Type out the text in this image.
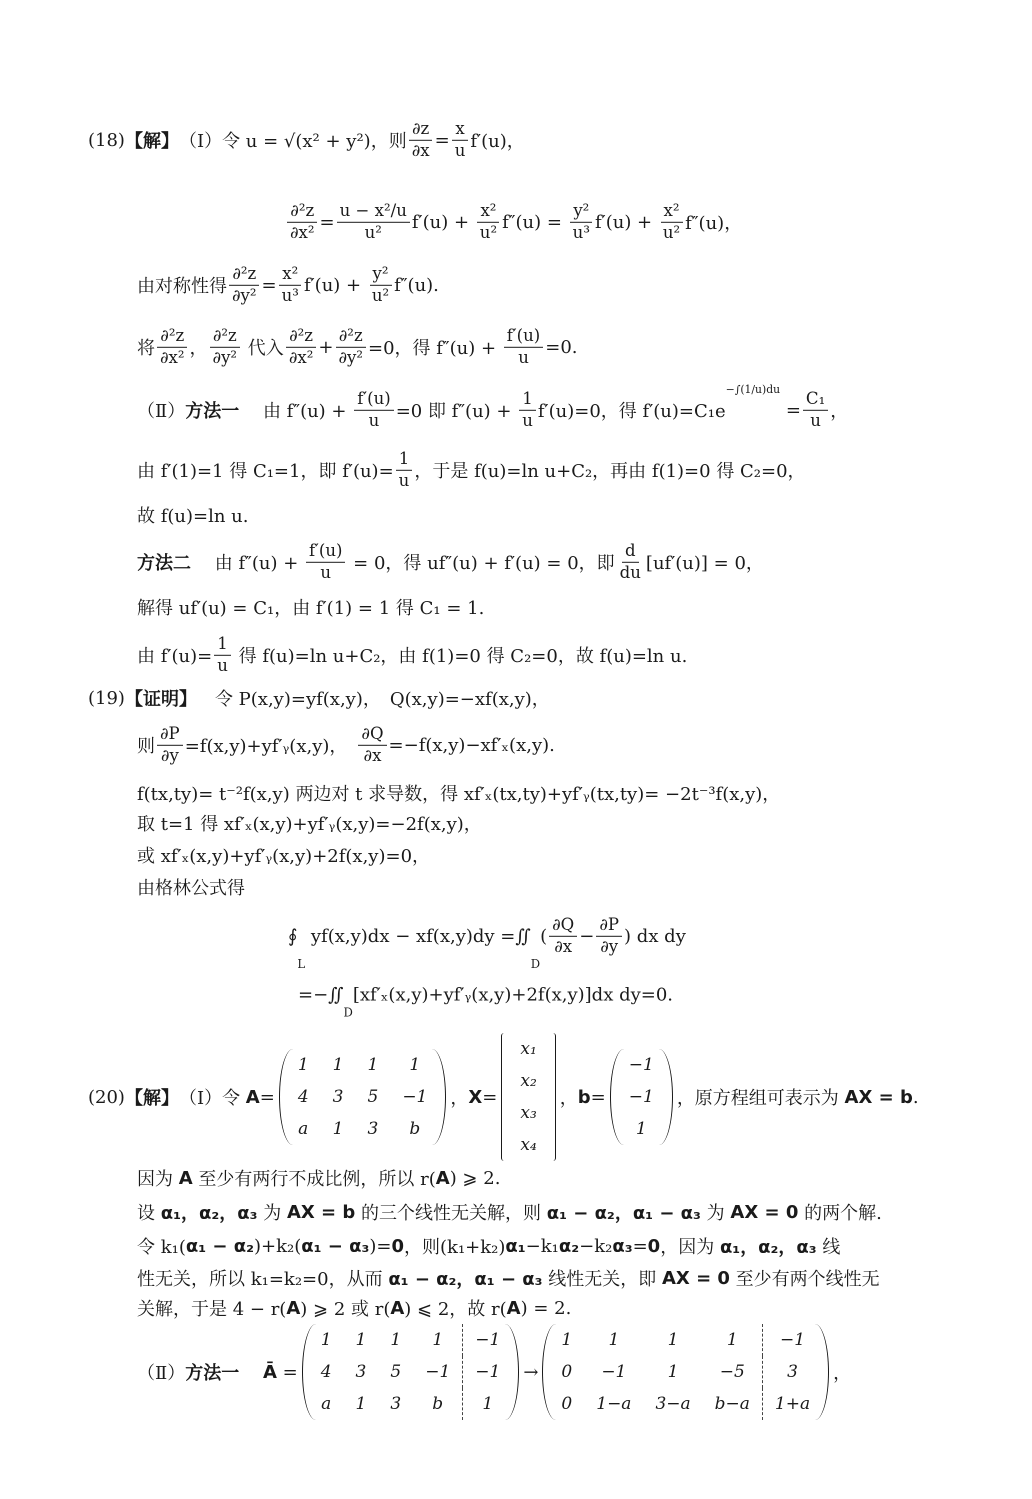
(18) 【解】 （Ⅰ）令 u = √(x² + y²)，则 $\frac{\partial z}{\partial x} = \frac{x}{u} f'(u)$，
$\frac{\text{∂²z}}{\text{∂x²}} = \frac{\text{u − x²/u}}{\text{u²}} f'(u) + \frac{\text{x²}}{\text{u²}} f''(u) = \frac{\text{y²}}{\text{u³}} f'(u) + \frac{\text{x²}}{\text{u²}} f''(u)$，
由对称性得 $\frac{\text{∂²z}}{\text{∂y²}} = \frac{\text{x²}}{\text{u³}} f'(u) + \frac{\text{y²}}{\text{u²}} f''(u)$.
将 $\frac{\text{∂²z}}{\text{∂x²}}$ ， $\frac{\text{∂²z}}{\text{∂y²}}$ 代入 $\frac{\text{∂²z}}{\text{∂x²}} + \frac{\text{∂²z}}{\text{∂y²}} =0$，得 $f''(u) + \frac{f'(u)}{u} =0$.
（Ⅱ） 方法一 　 由 $f''(u) + \frac{f'(u)}{u} =0$ 即 $f''(u) + \frac{1}{u} f'(u)=0$，得 f′(u)=C₁e
−∫(1/u)du
= $\frac{\text{C₁}}{u}$ ，
由 f′(1)=1 得 C₁=1，即 $f'(u)= \frac{1}{u}$ ，于是 f(u)=ln u+C₂，再由 f(1)=0 得 C₂=0，
故 f(u)=ln u.
方法二 　 由 $f''(u) + \frac{f'(u)}{u} = 0$，得 uf″(u) + f′(u) = 0，即 $\frac{d}{du} [uf'(u)] = 0$，
解得 uf′(u) = C₁，由 f′(1) = 1 得 C₁ = 1.
由 $f'(u)= \frac{1}{u}$ 得 f(u)=ln u+C₂，由 f(1)=0 得 C₂=0，故 f(u)=ln u.
(19) 【证明】 　令 P(x,y)=yf(x,y)，　Q(x,y)=−xf(x,y)，
则 $\frac{\partial P}{\partial y}$ =f(x,y)+yf′ᵧ(x,y)，　 $\frac{\partial Q}{\partial x} =-f(x,y)-xf'_x(x,y)$.
f(tx,ty)= t⁻²f(x,y) 两边对 t 求导数，得 xf′ₓ(tx,ty)+yf′ᵧ(tx,ty)= −2t⁻³f(x,y)，
取 t=1 得 xf′ₓ(x,y)+yf′ᵧ(x,y)=−2f(x,y)，
或 xf′ₓ(x,y)+yf′ᵧ(x,y)+2f(x,y)=0，
由格林公式得
∮
L
yf(x,y)dx − xf(x,y)dy =∬
D
( $\frac{\partial Q}{\partial x} - \frac{\partial P}{\partial y}$ ) dx dy
=−∬
D
[xf′ₓ(x,y)+yf′ᵧ(x,y)+2f(x,y)]dx dy=0.
(20) 【解】 （Ⅰ）令 A =
1	1	1	1
4	3	5	−1
a	1	3	b
， X =
x₁
x₂
x₃
x₄
， b =
−1
−1
1
，原方程组可表示为 AX = b .
因为 A 至少有两行不成比例，所以 r( A ) ⩾ 2.
设 α₁，α₂，α₃ 为 AX = b 的三个线性无关解，则 α₁ − α₂，α₁ − α₃ 为 AX = 0 的两个解.
令 k₁( α₁ − α₂ )+k₂( α₁ − α₃ )= 0 ，则(k₁+k₂) α₁ −k₁ α₂ −k₂ α₃ = 0 ，因为 α₁，α₂，α₃ 线
性无关，所以 k₁=k₂=0，从而 α₁ − α₂，α₁ − α₃ 线性无关，即 AX = 0 至少有两个线性无
关解，于是 4 − r( A ) ⩾ 2 或 r( A ) ⩽ 2，故 r( A ) = 2.
（Ⅱ） 方法一
　 Ā =
1	1	1	1	−1
4	3	5	−1	−1
a	1	3	b	1
→
1	1	1	1	−1
0	−1	1	−5	3
0	1−a	3−a	b−a	1+a
，
